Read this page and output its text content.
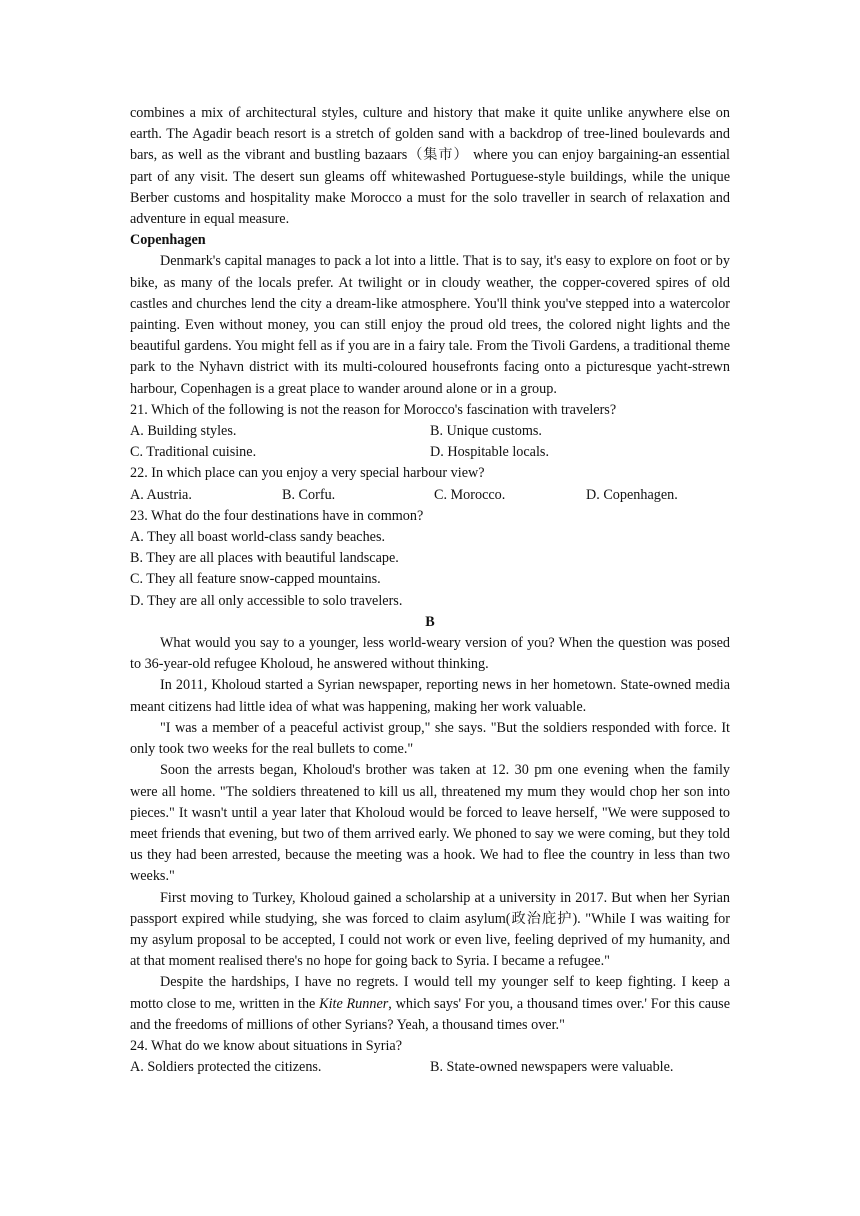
combines a mix of architectural styles, culture and history that make it quite unlike anywhere else on earth. The Agadir beach resort is a stretch of golden sand with a backdrop of tree-lined boulevards and bars, as well as the vibrant and bustling bazaars（集市） where you can enjoy bargaining-an essential part of any visit. The desert sun gleams off whitewashed Portuguese-style buildings, while the unique Berber customs and hospitality make Morocco a must for the solo traveller in search of relaxation and adventure in equal measure.

Copenhagen

Denmark's capital manages to pack a lot into a little. That is to say, it's easy to explore on foot or by bike, as many of the locals prefer. At twilight or in cloudy weather, the copper-covered spires of old castles and churches lend the city a dream-like atmosphere. You'll think you've stepped into a watercolor painting. Even without money, you can still enjoy the proud old trees, the colored night lights and the beautiful gardens. You might fell as if you are in a fairy tale. From the Tivoli Gardens, a traditional theme park to the Nyhavn district with its multi-coloured housefronts facing onto a picturesque yacht-strewn harbour, Copenhagen is a great place to wander around alone or in a group.

21. Which of the following is not the reason for Morocco's fascination with travelers?

A. Building styles.	B. Unique customs.
C. Traditional cuisine.	D. Hospitable locals.

22. In which place can you enjoy a very special harbour view?

A. Austria.	B. Corfu.	C. Morocco.	D. Copenhagen.

23. What do the four destinations have in common?

A. They all boast world-class sandy beaches.

B. They are all places with beautiful landscape.

C. They all feature snow-capped mountains.

D. They are all only accessible to solo travelers.

B

What would you say to a younger, less world-weary version of you? When the question was posed to 36-year-old refugee Kholoud, he answered without thinking.

In 2011, Kholoud started a Syrian newspaper, reporting news in her hometown. State-owned media meant citizens had little idea of what was happening, making her work valuable.

"I was a member of a peaceful activist group," she says. "But the soldiers responded with force. It only took two weeks for the real bullets to come."

Soon the arrests began, Kholoud's brother was taken at 12. 30 pm one evening when the family were all home. "The soldiers threatened to kill us all, threatened my mum they would chop her son into pieces." It wasn't until a year later that Kholoud would be forced to leave herself, "We were supposed to meet friends that evening, but two of them arrived early. We phoned to say we were coming, but they told us they had been arrested, because the meeting was a hook. We had to flee the country in less than two weeks."

First moving to Turkey, Kholoud gained a scholarship at a university in 2017. But when her Syrian passport expired while studying, she was forced to claim asylum(政治庇护). "While I was waiting for my asylum proposal to be accepted, I could not work or even live, feeling deprived of my humanity, and at that moment realised there's no hope for going back to Syria. I became a refugee."

Despite the hardships, I have no regrets. I would tell my younger self to keep fighting. I keep a motto close to me, written in the Kite Runner, which says' For you, a thousand times over.' For this cause and the freedoms of millions of other Syrians? Yeah, a thousand times over."

24. What do we know about situations in Syria?

A. Soldiers protected the citizens.	B. State-owned newspapers were valuable.
